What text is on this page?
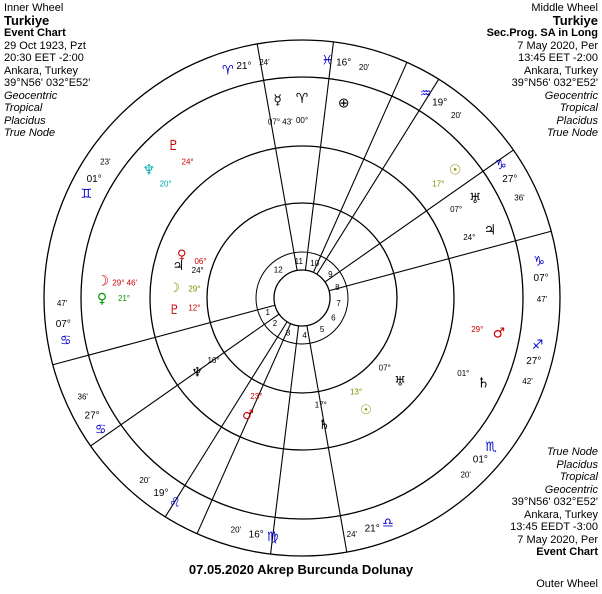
Inner Wheel
Turkiye
Event Chart
29 Oct 1923, Pzt
20:30 EET -2:00
Ankara, Turkey
39°N56' 032°E52'
Geocentric
Tropical
Placidus
True Node
Middle Wheel
Turkiye
Sec.Prog. SA in Long
7 May 2020, Per
13:45 EET -2:00
Ankara, Turkey
39°N56' 032°E52'
Geocentric
Tropical
Placidus
True Node
True Node
Placidus
Tropical
Geocentric
39°N56' 032°E52'
Ankara, Turkey
13:45 EEDT -3:00
7 May 2020, Per
Event Chart
07.05.2020 Akrep Burcunda Dolunay
Outer Wheel
1
2
3 4
5
6
7
8
9
10
11
12
21° 24'
♈
16° 20'
♓
19°
20'
♒
27°
36'
♑
07°
47'
♑
27°
42'
♐
01°
20'
♏
21°
24'
♎
16°
20'
♍
19°
20'
♌
27°
36'
♋
07°
47'
♋
01°
23'
♊
☿
07° 43'
♈
00°
⊕
☉
17°
♅
07°
♃
24°
♂
29°
♄
01°
♆
20°
♇
24°
♀ 21°
☽ 29° 46'
♀ 06°
♃ 24°
☽ 29°
♇ 12°
♆
16°
♂
23°
♄
17°	☉
13°
♅
07°
